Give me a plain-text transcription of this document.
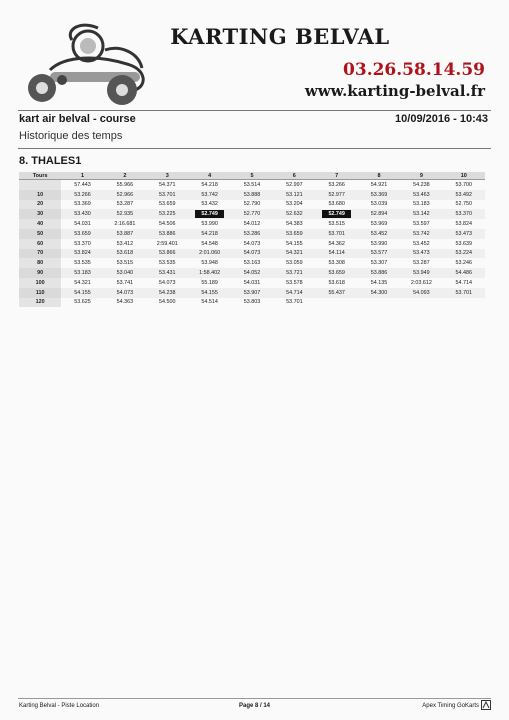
KARTING BELVAL
03.26.58.14.59
www.karting-belval.fr
kart air belval - course	10/09/2016 - 10:43
Historique des temps
8. THALES1
Tours	1	2	3	4	5	6	7	8	9	10
	57.443	55.966	54.371	54.218	53.514	52.997	53.266	54.921	54.238	53.700
10	53.266	52.966	53.701	53.742	53.888	53.121	52.977	53.369	53.463	53.492
20	53.369	53.287	53.659	53.432	52.790	53.204	53.680	53.039	53.183	52.750
30	53.430	52.935	53.225	52.749	52.770	52.632	52.749	52.894	53.142	53.370
40	54.031	2:16.681	54.506	53.990	54.012	54.383	53.515	53.969	53.597	53.824
50	53.659	53.887	53.886	54.218	53.286	53.659	53.701	53.452	53.742	53.473
60	53.370	53.412	2:59.401	54.548	54.073	54.155	54.362	53.990	53.452	53.639
70	53.824	53.618	53.866	2:01.060	54.073	54.321	54.114	53.577	53.473	53.224
80	53.535	53.515	53.535	53.948	53.163	53.059	53.308	53.307	53.287	53.246
90	53.183	53.040	53.431	1:58.402	54.052	53.721	53.659	53.886	53.949	54.486
100	54.321	53.741	54.073	55.189	54.031	53.578	53.618	54.135	2:03.612	54.714
110	54.155	54.073	54.238	54.155	53.907	54.714	55.437	54.300	54.093	53.701
120	53.625	54.363	54.500	54.514	53.803	53.701				
Karting Belval - Piste Location	Page 8 / 14	Apex Timing GoKarts
